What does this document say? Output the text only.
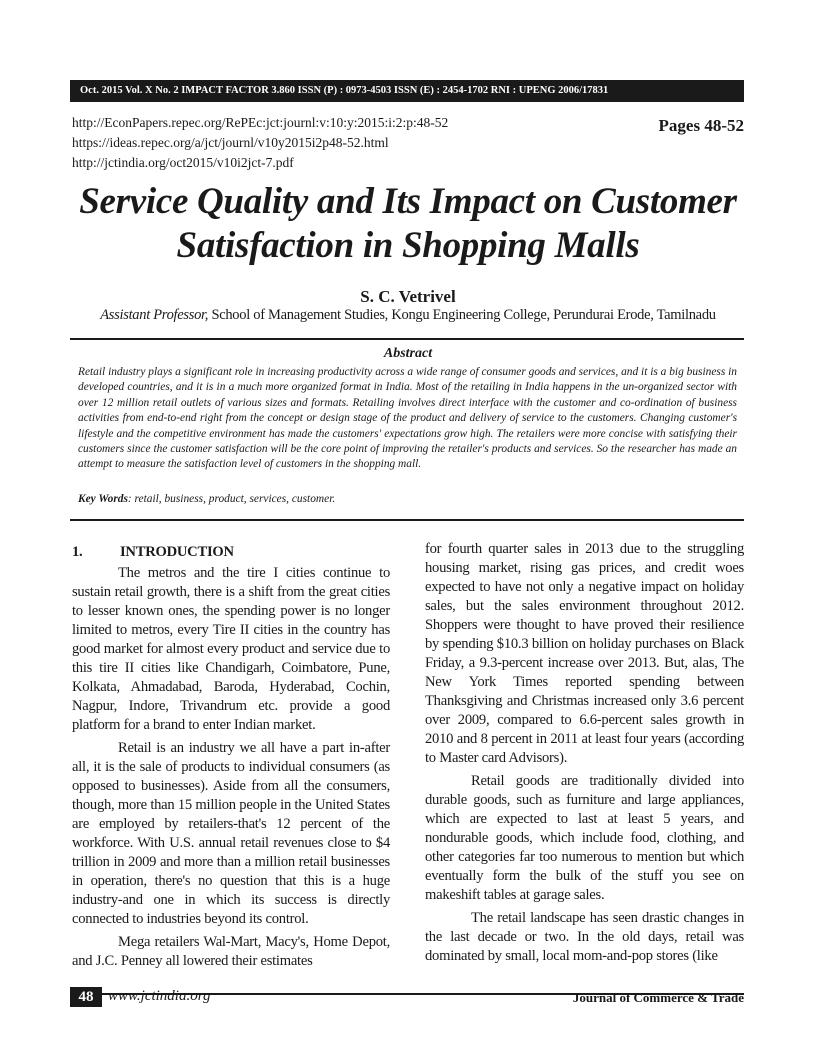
Oct. 2015 Vol. X No. 2 IMPACT FACTOR 3.860 ISSN (P) : 0973-4503 ISSN (E) : 2454-1702 RNI : UPENG 2006/17831
http://EconPapers.repec.org/RePEc:jct:journl:v:10:y:2015:i:2:p:48-52
https://ideas.repec.org/a/jct/journl/v10y2015i2p48-52.html
http://jctindia.org/oct2015/v10i2jct-7.pdf
Pages 48-52
Service Quality and Its Impact on Customer
Satisfaction in Shopping Malls
S. C. Vetrivel
Assistant Professor, School of Management Studies, Kongu Engineering College, Perundurai Erode, Tamilnadu
Abstract
Retail industry plays a significant role in increasing productivity across a wide range of consumer goods and services, and it is a big business in developed countries, and it is in a much more organized format in India. Most of the retailing in India happens in the un-organized sector with over 12 million retail outlets of various sizes and formats. Retailing involves direct interface with the customer and co-ordination of business activities from end-to-end right from the concept or design stage of the product and delivery of service to the customers. Changing customer's lifestyle and the competitive environment has made the customers' expectations grow high. The retailers were more concise with satisfying their customers since the customer satisfaction will be the core point of improving the retailer's products and services. So the researcher has made an attempt to measure the satisfaction level of customers in the shopping mall.
Key Words: retail, business, product, services, customer.
1.	INTRODUCTION

The metros and the tire I cities continue to sustain retail growth, there is a shift from the great cities to lesser known ones, the spending power is no longer limited to metros, every Tire II cities in the country has good market for almost every product and service due to this tire II cities like Chandigarh, Coimbatore, Pune, Kolkata, Ahmadabad, Baroda, Hyderabad, Cochin, Nagpur, Indore, Trivandrum etc. provide a good platform for a brand to enter Indian market.

Retail is an industry we all have a part in-after all, it is the sale of products to individual consumers (as opposed to businesses). Aside from all the consumers, though, more than 15 million people in the United States are employed by retailers-that's 12 percent of the workforce. With U.S. annual retail revenues close to $4 trillion in 2009 and more than a million retail businesses in operation, there's no question that this is a huge industry-and one in which its success is directly connected to industries beyond its control.

Mega retailers Wal-Mart, Macy's, Home Depot, and J.C. Penney all lowered their estimates

for fourth quarter sales in 2013 due to the struggling housing market, rising gas prices, and credit woes expected to have not only a negative impact on holiday sales, but the sales environment throughout 2012. Shoppers were thought to have proved their resilience by spending $10.3 billion on holiday purchases on Black Friday, a 9.3-percent increase over 2013. But, alas, The New York Times reported spending between Thanksgiving and Christmas increased only 3.6 percent over 2009, compared to 6.6-percent sales growth in 2010 and 8 percent in 2011 at least four years (according to Master card Advisors).

Retail goods are traditionally divided into durable goods, such as furniture and large appliances, which are expected to last at least 5 years, and nondurable goods, which include food, clothing, and other categories far too numerous to mention but which eventually form the bulk of the stuff you see on makeshift tables at garage sales.

The retail landscape has seen drastic changes in the last decade or two. In the old days, retail was dominated by small, local mom-and-pop stores (like

48 www.jctindia.org	Journal of Commerce & Trade
